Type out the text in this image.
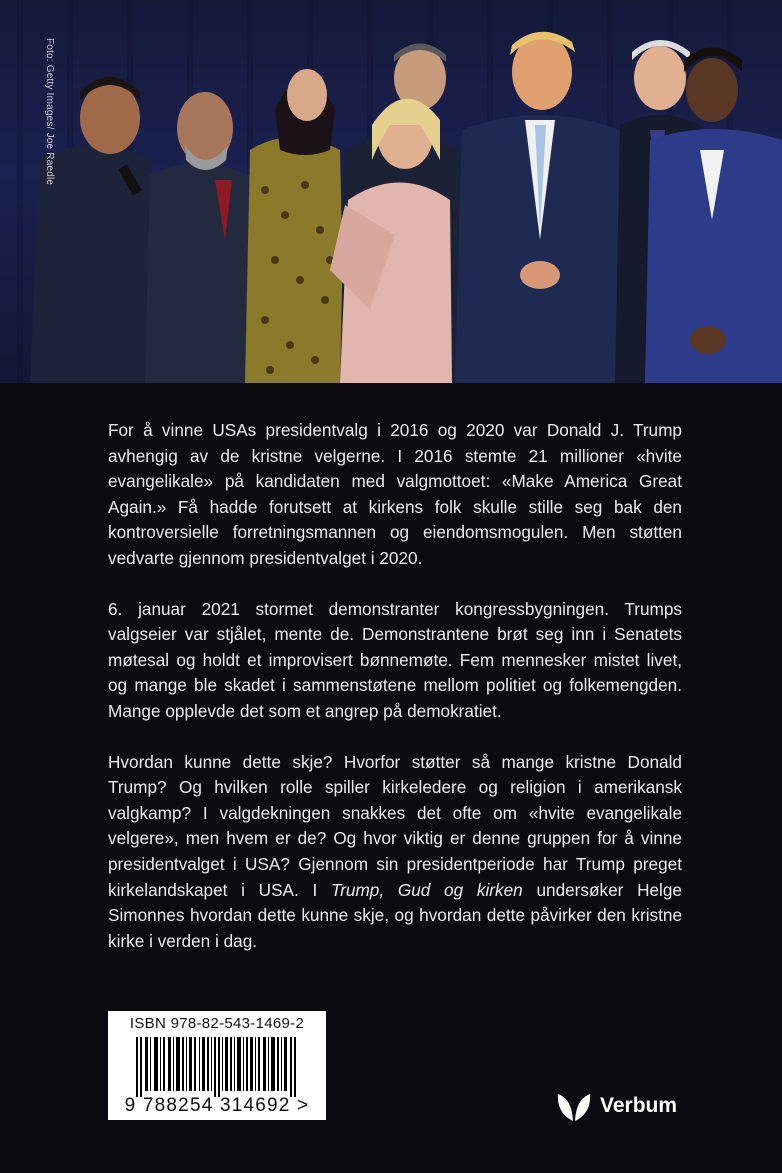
Foto: Getty Images/ Joe Raedle

For å vinne USAs presidentvalg i 2016 og 2020 var Donald J. Trump avhengig av de kristne velgerne. I 2016 stemte 21 millioner «hvite evangelikale» på kandidaten med valgmottoet: «Make America Great Again.» Få hadde forutsett at kirkens folk skulle stille seg bak den kontroversielle forretningsmannen og eiendomsmogulen. Men støtten vedvarte gjennom presidentvalget i 2020.

6. januar 2021 stormet demonstranter kongressbygningen. Trumps valgseier var stjålet, mente de. Demonstrantene brøt seg inn i Senatets møtesal og holdt et improvisert bønnemøte. Fem mennesker mistet livet, og mange ble skadet i sammenstøtene mellom politiet og folkemengden. Mange opplevde det som et angrep på demokratiet.

Hvordan kunne dette skje? Hvorfor støtter så mange kristne Donald Trump? Og hvilken rolle spiller kirkeledere og religion i amerikansk valgkamp? I valgdekningen snakkes det ofte om «hvite evangelikale velgere», men hvem er de? Og hvor viktig er denne gruppen for å vinne presidentvalget i USA? Gjennom sin presidentperiode har Trump preget kirkelandskapet i USA. I Trump, Gud og kirken undersøker Helge Simonnes hvordan dette kunne skje, og hvordan dette påvirker den kristne kirke i verden i dag.

ISBN 978-82-543-1469-2
9 788254 314692 >	Verbum
